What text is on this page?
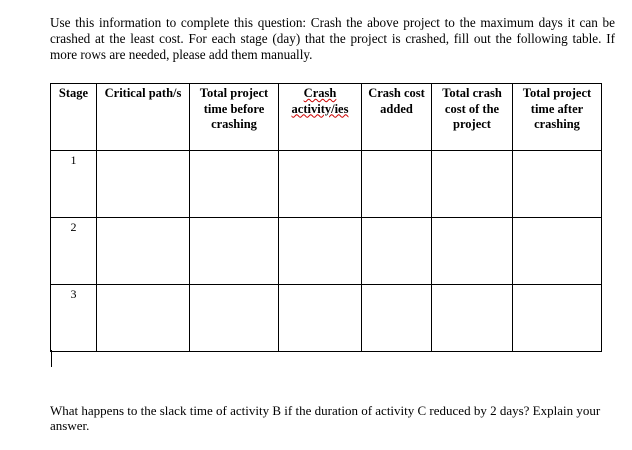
Use this information to complete this question: Crash the above project to the maximum days it can be crashed at the least cost. For each stage (day) that the project is crashed, fill out the following table. If more rows are needed, please add them manually.
Stage	Critical path/s	Total project time before crashing	Crash activity/ies	Crash cost added	Total crash cost of the project	Total project time after crashing
1						
2						
3						
What happens to the slack time of activity B if the duration of activity C reduced by 2 days? Explain your answer.
